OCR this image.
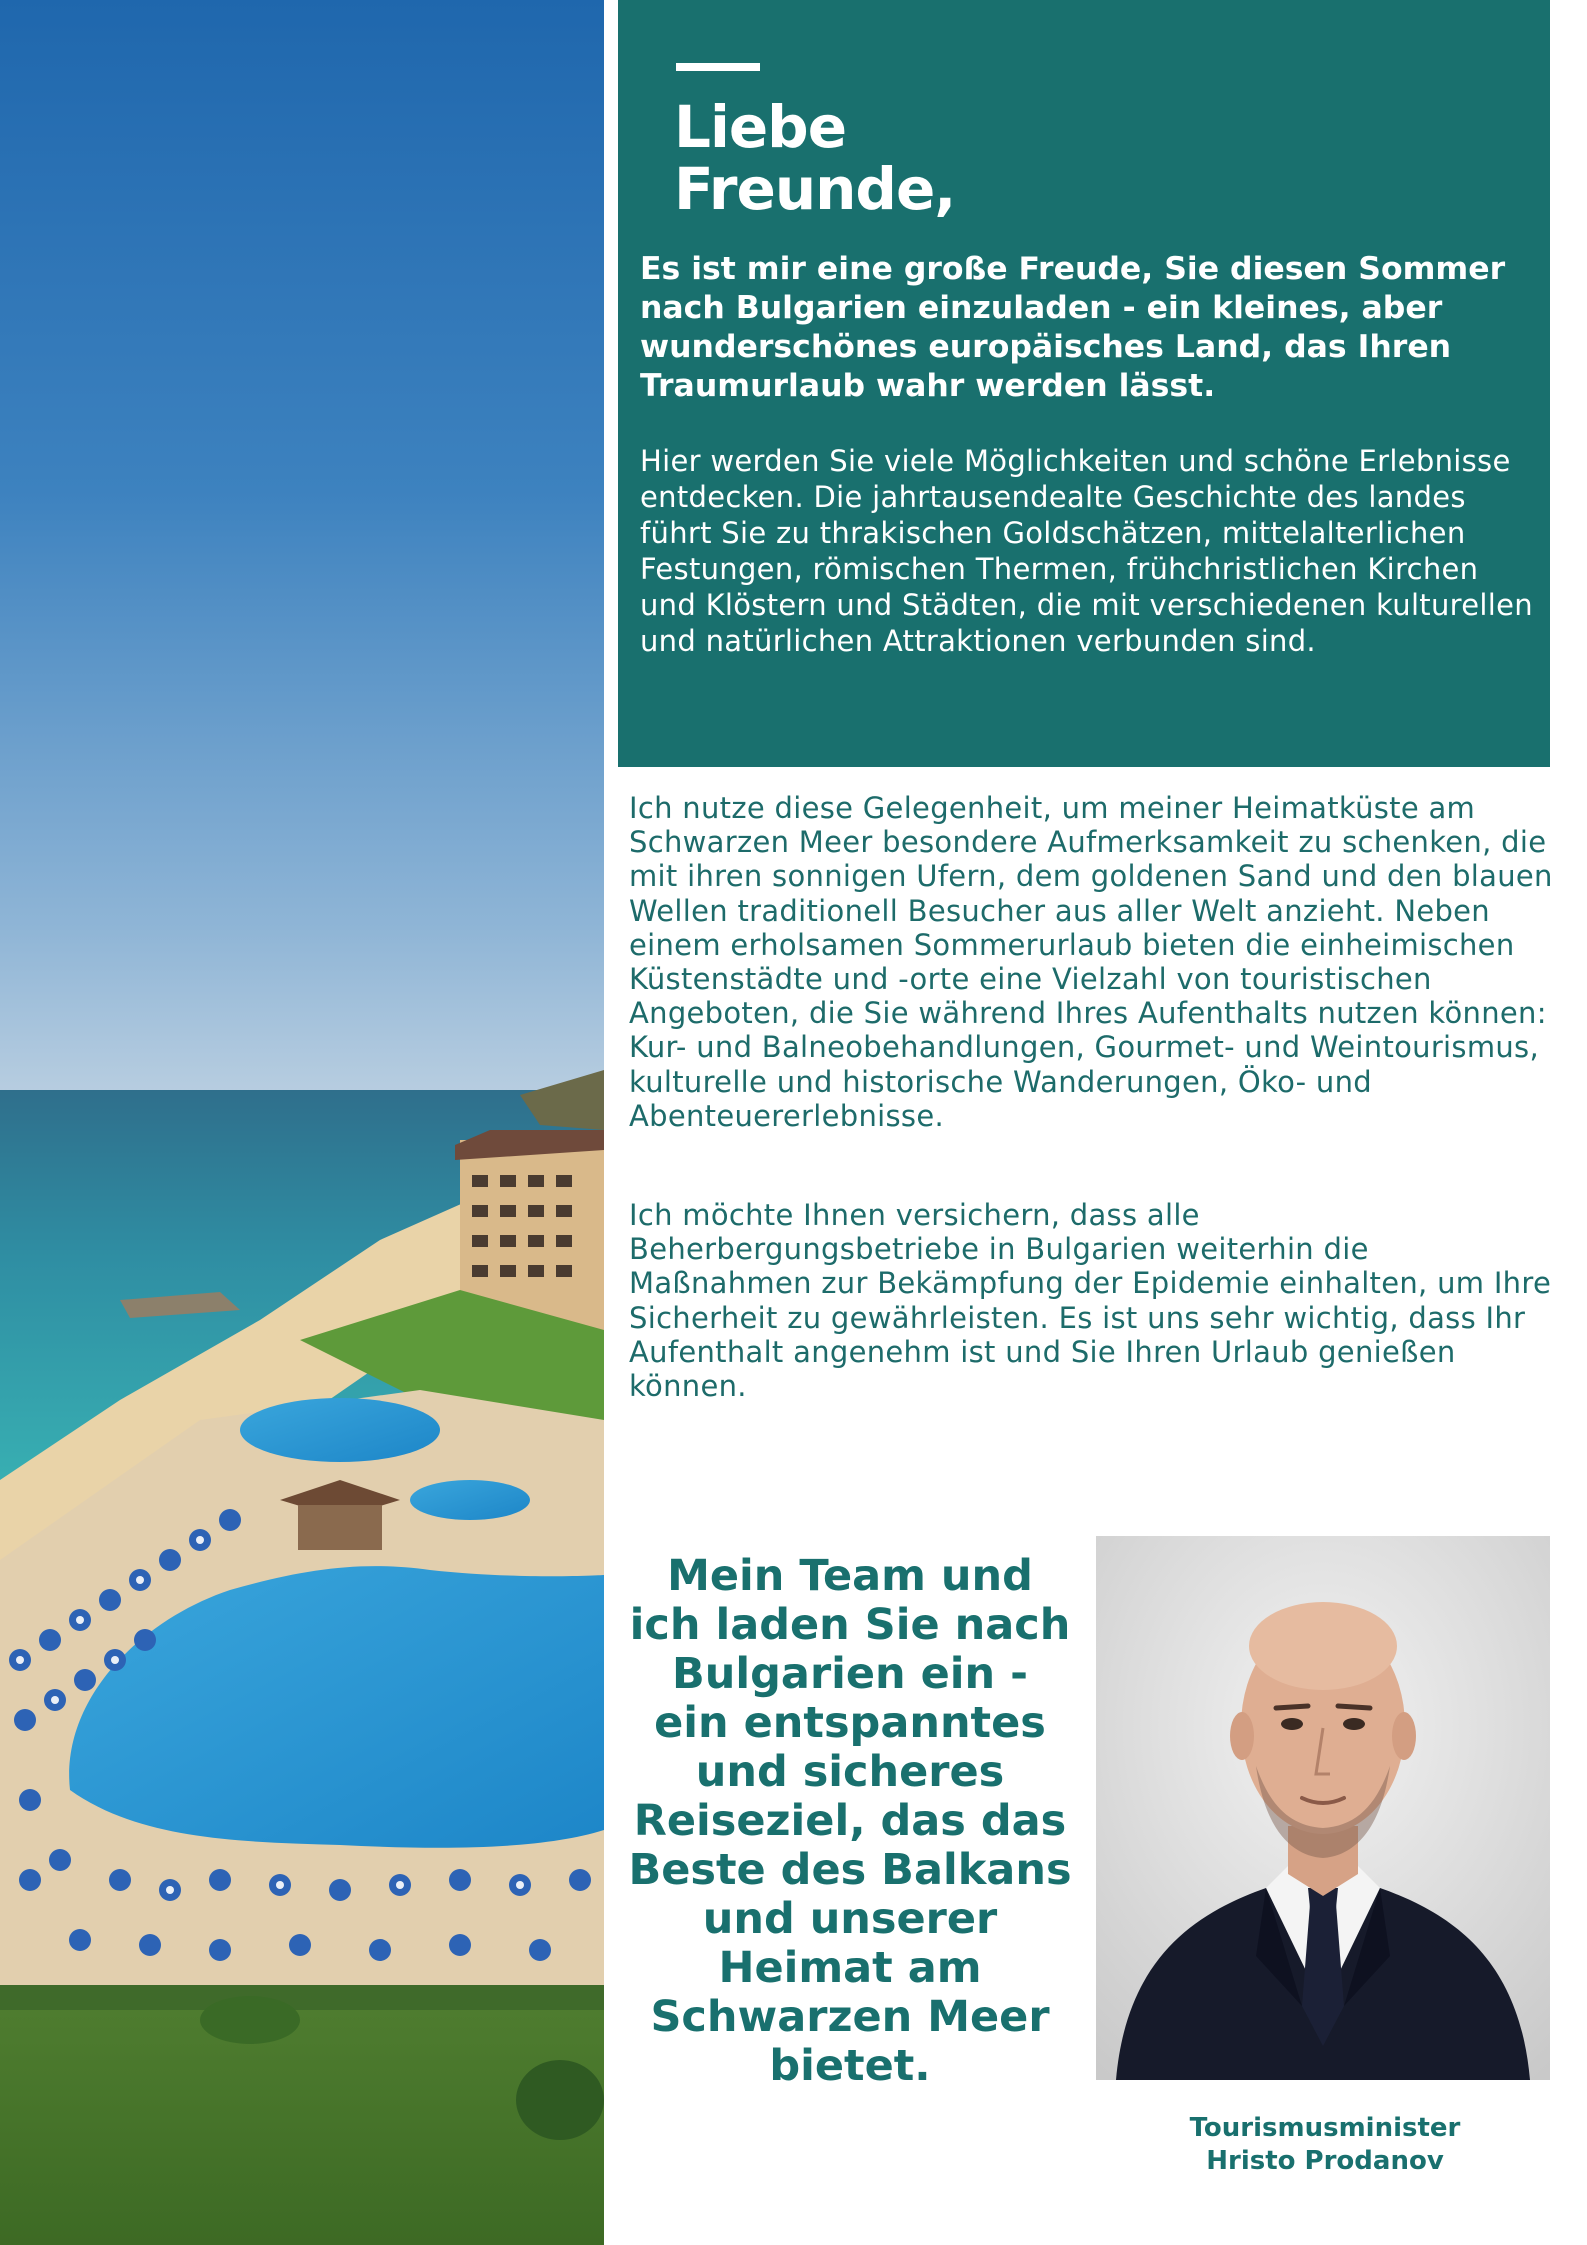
Liebe
Freunde,

Es ist mir eine große Freude, Sie diesen Sommer nach Bulgarien einzuladen - ein kleines, aber wunderschönes europäisches Land, das Ihren Traumurlaub wahr werden lässt.

Hier werden Sie viele Möglichkeiten und schöne Erlebnisse entdecken. Die jahrtausendealte Geschichte des landes führt Sie zu thrakischen Goldschätzen, mittelalterlichen Festungen, römischen Thermen, frühchristlichen Kirchen und Klöstern und Städten, die mit verschiedenen kulturellen und natürlichen Attraktionen verbunden sind.

Ich nutze diese Gelegenheit, um meiner Heimatküste am Schwarzen Meer besondere Aufmerksamkeit zu schenken, die mit ihren sonnigen Ufern, dem goldenen Sand und den blauen Wellen traditionell Besucher aus aller Welt anzieht. Neben einem erholsamen Sommerurlaub bieten die einheimischen Küstenstädte und -orte eine Vielzahl von touristischen Angeboten, die Sie während Ihres Aufenthalts nutzen können: Kur- und Balneobehandlungen, Gourmet- und Weintourismus, kulturelle und historische Wanderungen, Öko- und Abenteuererlebnisse.

Ich möchte Ihnen versichern, dass alle Beherbergungsbetriebe in Bulgarien weiterhin die Maßnahmen zur Bekämpfung der Epidemie einhalten, um Ihre Sicherheit zu gewährleisten. Es ist uns sehr wichtig, dass Ihr Aufenthalt angenehm ist und Sie Ihren Urlaub genießen können.

Mein Team und ich laden Sie nach Bulgarien ein - ein entspanntes und sicheres Reiseziel, das das Beste des Balkans und unserer Heimat am Schwarzen Meer bietet.

Tourismusminister
Hristo Prodanov
